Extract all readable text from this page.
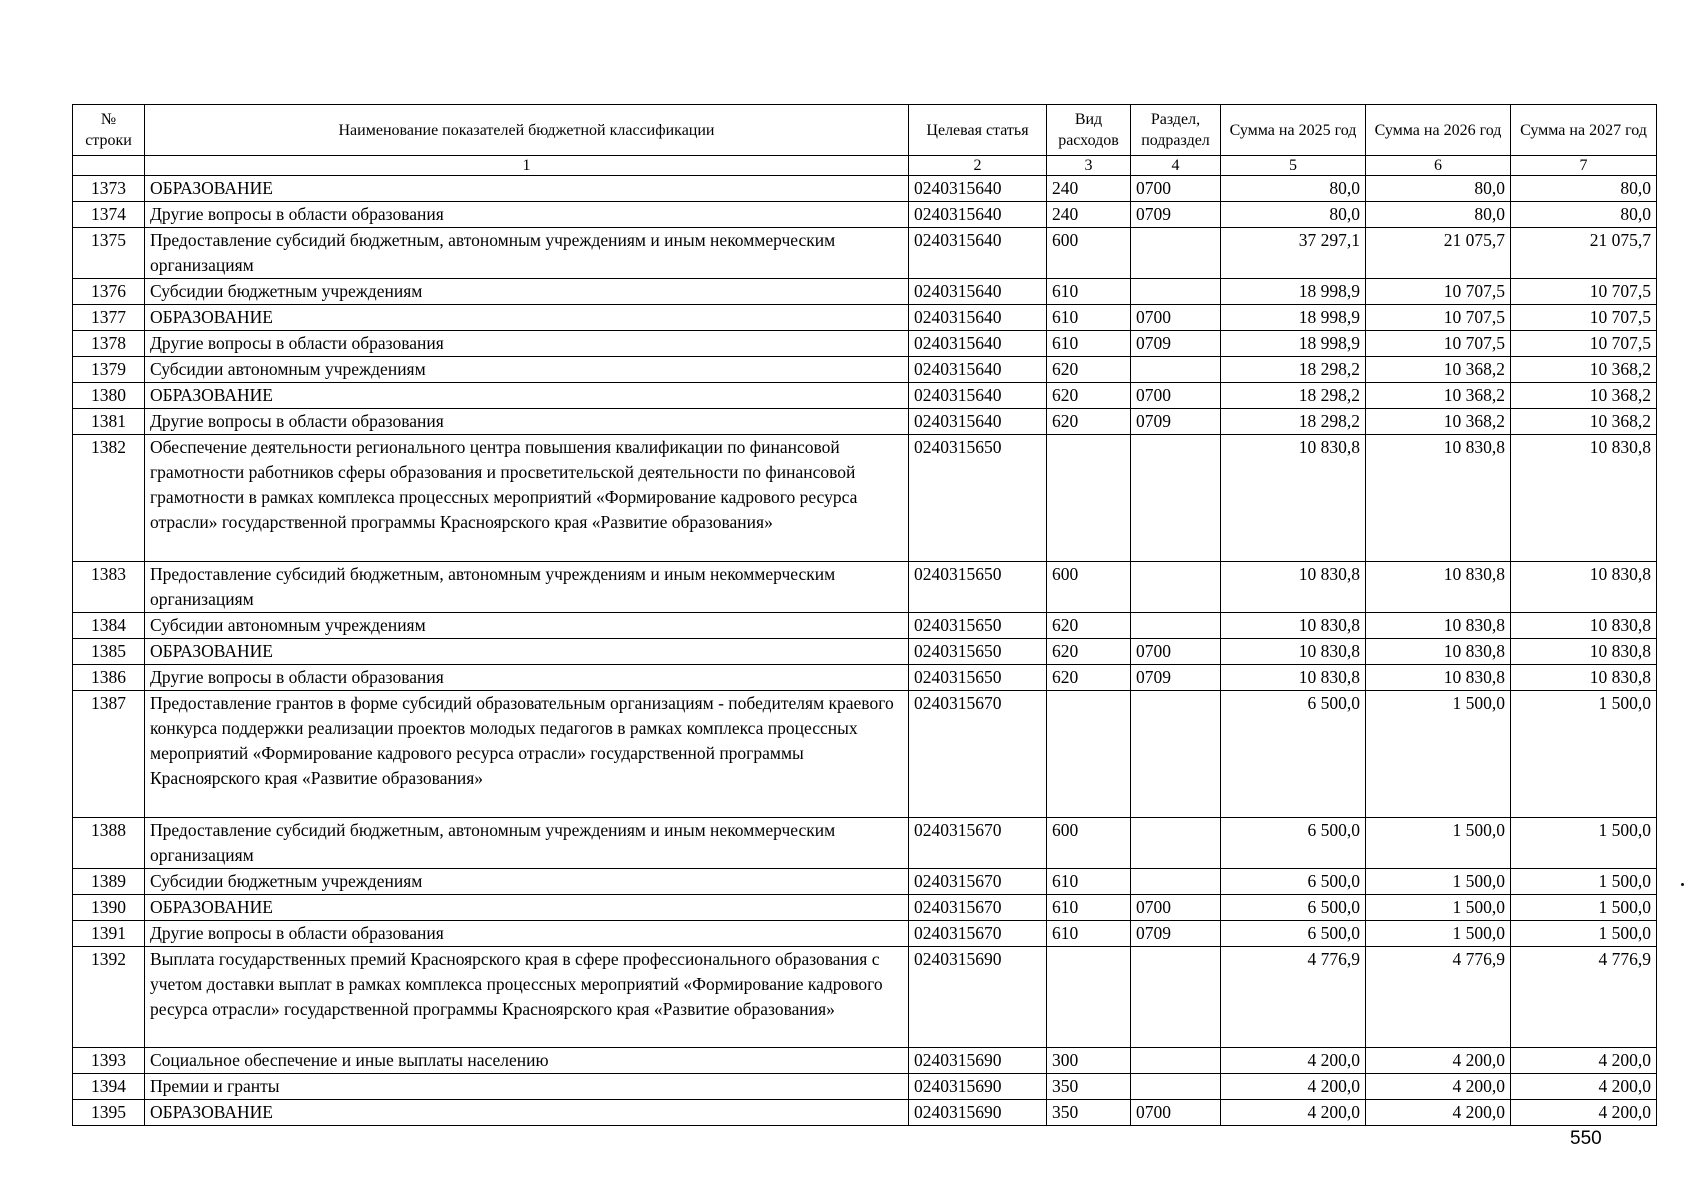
№ строки	Наименование показателей бюджетной классификации	Целевая статья	Вид расходов	Раздел, подраздел	Сумма на 2025 год	Сумма на 2026 год	Сумма на 2027 год
	1	2	3	4	5	6	7
1373	ОБРАЗОВАНИЕ	0240315640	240	0700	80,0	80,0	80,0
1374	Другие вопросы в области образования	0240315640	240	0709	80,0	80,0	80,0
1375	Предоставление субсидий бюджетным, автономным учреждениям и иным некоммерческим организациям	0240315640	600		37 297,1	21 075,7	21 075,7
1376	Субсидии бюджетным учреждениям	0240315640	610		18 998,9	10 707,5	10 707,5
1377	ОБРАЗОВАНИЕ	0240315640	610	0700	18 998,9	10 707,5	10 707,5
1378	Другие вопросы в области образования	0240315640	610	0709	18 998,9	10 707,5	10 707,5
1379	Субсидии автономным учреждениям	0240315640	620		18 298,2	10 368,2	10 368,2
1380	ОБРАЗОВАНИЕ	0240315640	620	0700	18 298,2	10 368,2	10 368,2
1381	Другие вопросы в области образования	0240315640	620	0709	18 298,2	10 368,2	10 368,2
1382	Обеспечение деятельности регионального центра повышения квалификации по финансовой грамотности работников сферы образования и просветительской деятельности по финансовой грамотности в рамках комплекса процессных мероприятий «Формирование кадрового ресурса отрасли» государственной программы Красноярского края «Развитие образования»	0240315650			10 830,8	10 830,8	10 830,8
1383	Предоставление субсидий бюджетным, автономным учреждениям и иным некоммерческим организациям	0240315650	600		10 830,8	10 830,8	10 830,8
1384	Субсидии автономным учреждениям	0240315650	620		10 830,8	10 830,8	10 830,8
1385	ОБРАЗОВАНИЕ	0240315650	620	0700	10 830,8	10 830,8	10 830,8
1386	Другие вопросы в области образования	0240315650	620	0709	10 830,8	10 830,8	10 830,8
1387	Предоставление грантов в форме субсидий образовательным организациям - победителям краевого конкурса поддержки реализации проектов молодых педагогов в рамках комплекса процессных мероприятий «Формирование кадрового ресурса отрасли» государственной программы Красноярского края «Развитие образования»	0240315670			6 500,0	1 500,0	1 500,0
1388	Предоставление субсидий бюджетным, автономным учреждениям и иным некоммерческим организациям	0240315670	600		6 500,0	1 500,0	1 500,0
1389	Субсидии бюджетным учреждениям	0240315670	610		6 500,0	1 500,0	1 500,0
1390	ОБРАЗОВАНИЕ	0240315670	610	0700	6 500,0	1 500,0	1 500,0
1391	Другие вопросы в области образования	0240315670	610	0709	6 500,0	1 500,0	1 500,0
1392	Выплата государственных премий Красноярского края в сфере профессионального образования с учетом доставки выплат в рамках комплекса процессных мероприятий «Формирование кадрового ресурса отрасли» государственной программы Красноярского края «Развитие образования»	0240315690			4 776,9	4 776,9	4 776,9
1393	Социальное обеспечение и иные выплаты населению	0240315690	300		4 200,0	4 200,0	4 200,0
1394	Премии и гранты	0240315690	350		4 200,0	4 200,0	4 200,0
1395	ОБРАЗОВАНИЕ	0240315690	350	0700	4 200,0	4 200,0	4 200,0
550
